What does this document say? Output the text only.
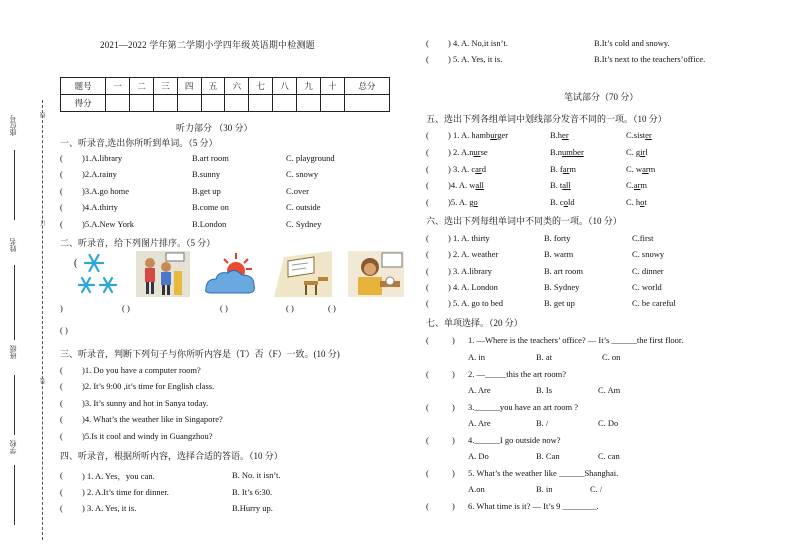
座位号
姓名
班级
学校
线
订
装
2021—2022 学年第二学期小学四年级英语期中检测题
题号	一	二	三	四	五	六	七	八	九	十	总分
得分											
听力部分 （30 分）
一、听录音,选出你所听到单词。（5 分）
( )1.A.library	B.art room	C. playground
( )2.A.rainy	B.sunny	C. snowy
( )3.A.go home	B.get up	C.over
( )4.A.thirty	B.come on	C. outside
( )5.A.New York	B.London	C. Sydney
二、听录音，给下列图片排序。（5 分）
(
)	( )	( )	( )	( )
( )
三、听录音，判断下列句子与你所听内容是（T）否（F）一致。(10 分)
( )1. Do you have a computer room?
( )2. It’s 9:00 ,it’s time for English class.
( )3. It’s sunny and hot in Sanya today.
( )4. What’s the weather like in Singapore?
( )5.Is it cool and windy in Guangzhou?
四、听录音，根据所听内容，选择合适的答语。（10 分）
( ) 1. A. Yes，you can.	B. No. it isn’t.
( ) 2. A.It’s time for dinner.	B. It’s 6:30.
( ) 3. A. Yes, it is.	B.Hurry up.
( ) 4. A. No,it isn’t.	B.It’s cold and snowy.
( ) 5. A. Yes, it is.	B.It’s next to the teachers’office.
笔试部分（70 分）
五、选出下列各组单词中划线部分发音不同的一项。（10 分）
( ) 1. A. hamburger	B.her	C.sister
( ) 2. A.nurse	B.number	C. girl
( ) 3. A. card	B. farm	C. warm
( )4. A. wall	B. tall	C.arm
( )5. A. go	B. cold	C. hot
六、选出下列每组单词中不同类的一项。（10 分）
( ) 1. A. thirty	B. forty	C.first
( ) 2. A. weather	B. warm	C. snowy
( ) 3. A.library	B. art room	C. dinner
( ) 4. A. London	B. Sydney	C. world
( ) 5. A. go to bed	B. get up	C. be careful
七、单项选择。（20 分）
(	) 1. —Where is the teachers’ office? — It’s ______the first floor.
A. in	B. at	C. on
(	) 2. —_____this the art room?
A. Are	B. Is	C. Am
(	) 3.______you have an art room ?
A. Are	B. /	C. Do
(	) 4.______I go outside now?
A. Do	B. Can	C. can
(	) 5. What’s the weather like ______Shanghai.
A.on	B. in	C. /
(	) 6. What time is it? — It’s 9 ________.
